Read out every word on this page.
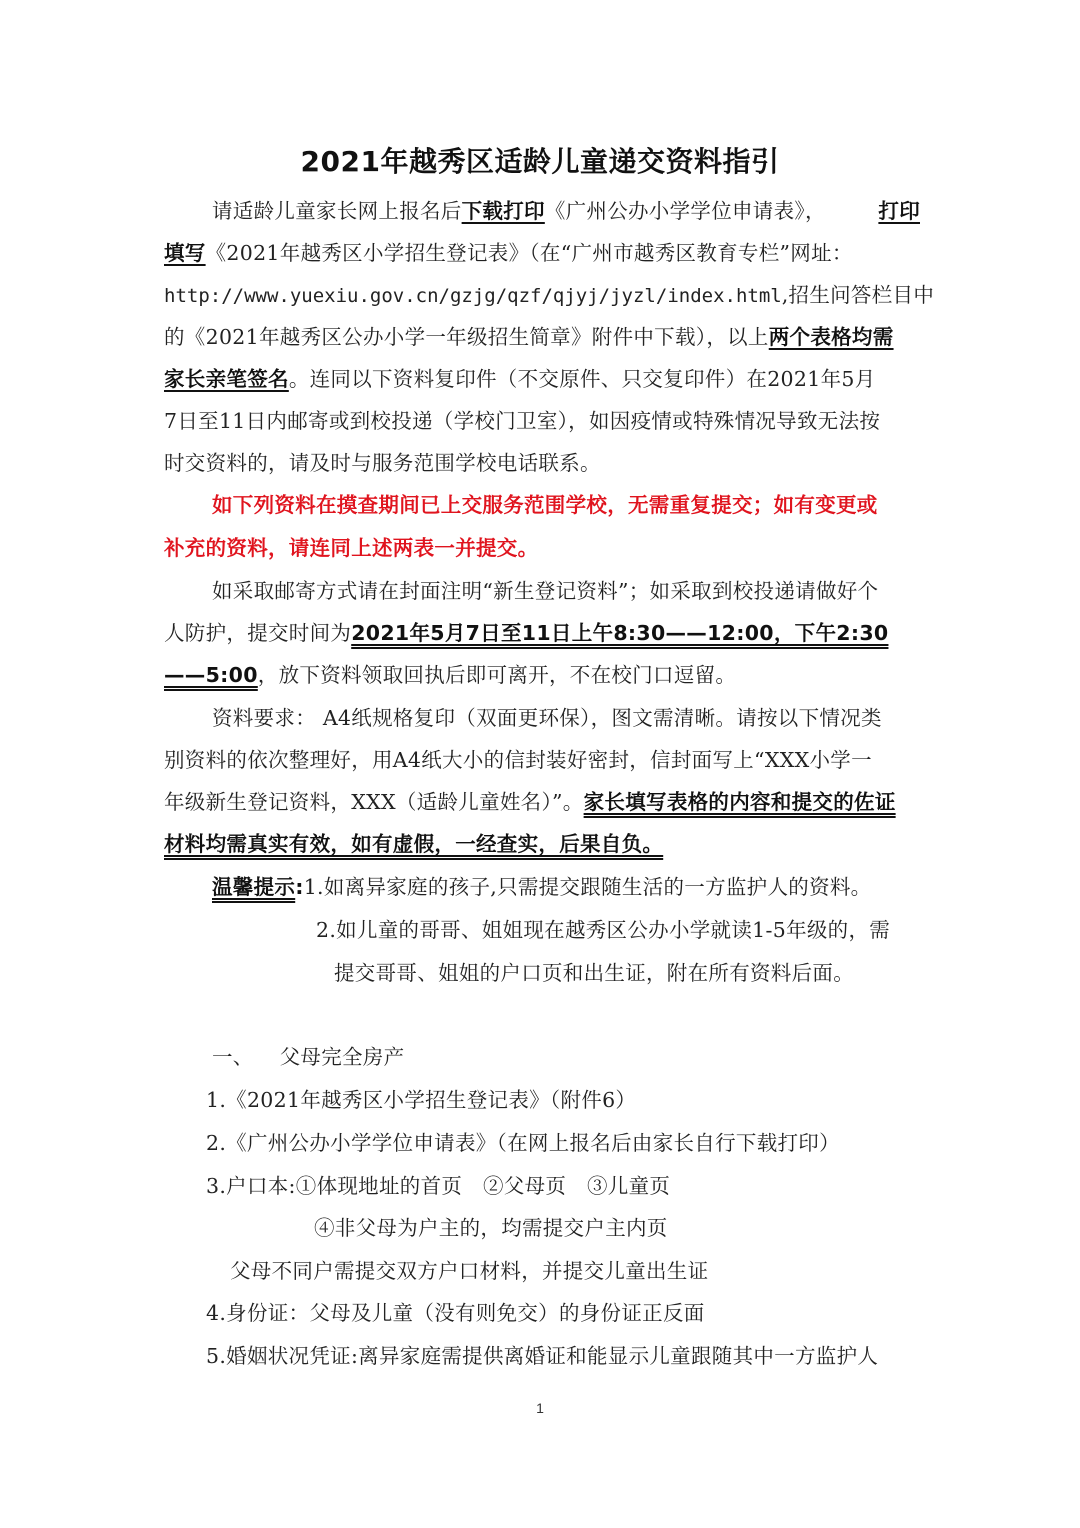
2021年越秀区适龄儿童递交资料指引
请适龄儿童家长网上报名后下载打印《广州公办小学学位申请表》，	打印
填写《2021年越秀区小学招生登记表》（在“广州市越秀区教育专栏”网址：
http://www.yuexiu.gov.cn/gzjg/qzf/qjyj/jyzl/index.html,招生问答栏目中
的《2021年越秀区公办小学一年级招生简章》附件中下载），以上两个表格均需
家长亲笔签名。连同以下资料复印件（不交原件、只交复印件）在2021年5月
7日至11日内邮寄或到校投递（学校门卫室），如因疫情或特殊情况导致无法按
时交资料的，请及时与服务范围学校电话联系。
如下列资料在摸查期间已上交服务范围学校，无需重复提交；如有变更或
补充的资料，请连同上述两表一并提交。
如采取邮寄方式请在封面注明“新生登记资料”；如采取到校投递请做好个
人防护，提交时间为2021年5月7日至11日上午8:30——12:00，下午2:30
——5:00，放下资料领取回执后即可离开，不在校门口逗留。
资料要求： A4纸规格复印（双面更环保），图文需清晰。请按以下情况类
别资料的依次整理好，用A4纸大小的信封装好密封，信封面写上“XXX小学一
年级新生登记资料，XXX（适龄儿童姓名）”。家长填写表格的内容和提交的佐证
材料均需真实有效，如有虚假，一经查实，后果自负。
温馨提示:1.如离异家庭的孩子,只需提交跟随生活的一方监护人的资料。
2.如儿童的哥哥、姐姐现在越秀区公办小学就读1-5年级的，需
提交哥哥、姐姐的户口页和出生证，附在所有资料后面。
一、 父母完全房产
1.《2021年越秀区小学招生登记表》（附件6）
2.《广州公办小学学位申请表》（在网上报名后由家长自行下载打印）
3.户口本:①体现地址的首页　②父母页　③儿童页
④非父母为户主的，均需提交户主内页
父母不同户需提交双方户口材料，并提交儿童出生证
4.身份证：父母及儿童（没有则免交）的身份证正反面
5.婚姻状况凭证:离异家庭需提供离婚证和能显示儿童跟随其中一方监护人
1
